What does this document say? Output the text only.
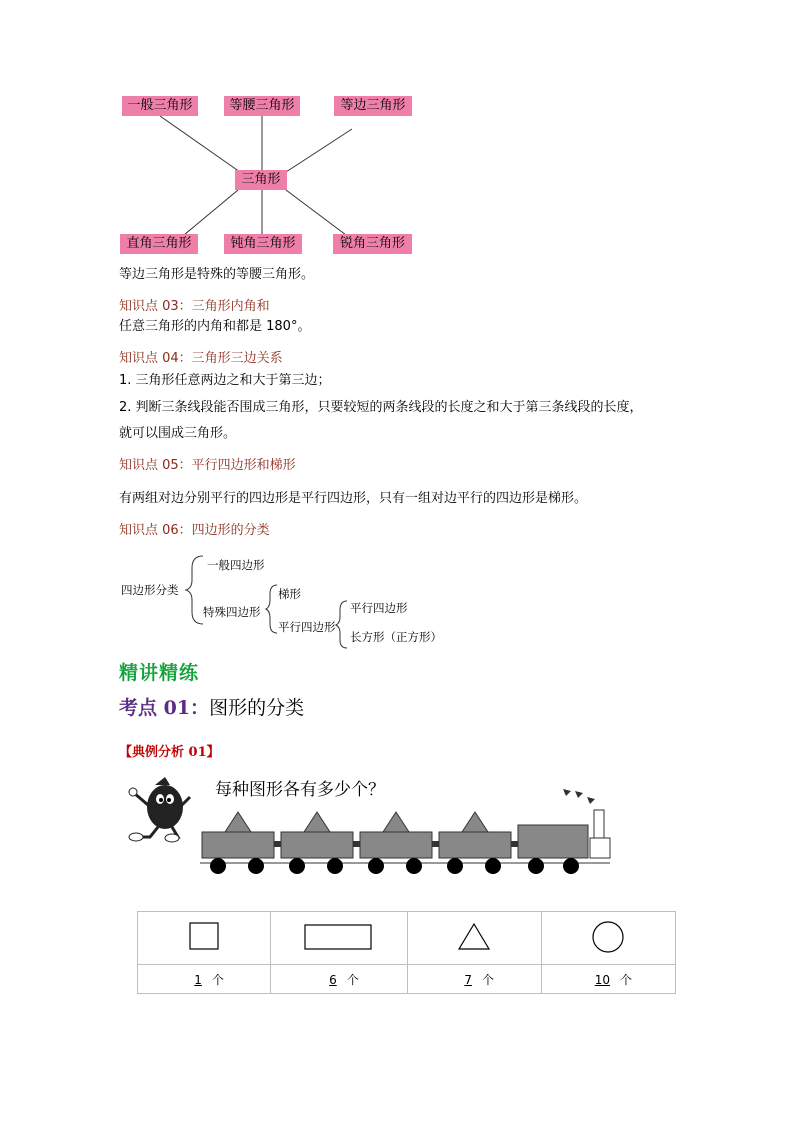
一般三角形	等腰三角形	等边三角形
三角形
直角三角形	钝角三角形	锐角三角形
等边三角形是特殊的等腰三角形。
知识点 03：三角形内角和
任意三角形的内角和都是 180°。
知识点 04：三角形三边关系
1. 三角形任意两边之和大于第三边；
2. 判断三条线段能否围成三角形，只要较短的两条线段的长度之和大于第三条线段的长度，
就可以围成三角形。
知识点 05：平行四边形和梯形
有两组对边分别平行的四边形是平行四边形，只有一组对边平行的四边形是梯形。
知识点 06：四边形的分类
四边形分类
一般四边形
特殊四边形
梯形
平行四边形
平行四边形
长方形（正方形）
精讲精练
考点 01：图形的分类
【典例分析 01】
每种图形各有多少个？

1 个	6 个	7 个	10 个
